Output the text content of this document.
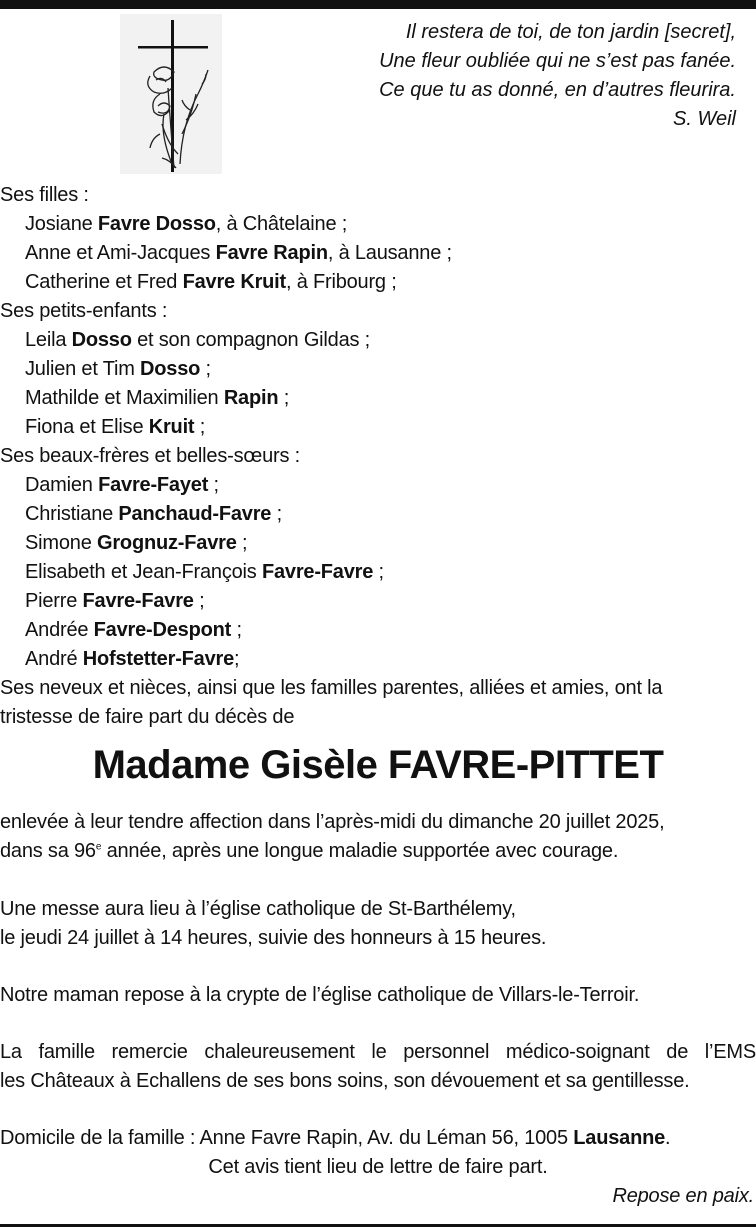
Il restera de toi, de ton jardin [secret],
Une fleur oubliée qui ne s’est pas fanée.
Ce que tu as donné, en d’autres fleurira.
S. Weil
Ses filles :
Josiane Favre Dosso, à Châtelaine ;
Anne et Ami-Jacques Favre Rapin, à Lausanne ;
Catherine et Fred Favre Kruit, à Fribourg ;
Ses petits-enfants :
Leila Dosso et son compagnon Gildas ;
Julien et Tim Dosso ;
Mathilde et Maximilien Rapin ;
Fiona et Elise Kruit ;
Ses beaux-frères et belles-sœurs :
Damien Favre-Fayet ;
Christiane Panchaud-Favre ;
Simone Grognuz-Favre ;
Elisabeth et Jean-François Favre-Favre ;
Pierre Favre-Favre ;
Andrée Favre-Despont ;
André Hofstetter-Favre;
Ses neveux et nièces, ainsi que les familles parentes, alliées et amies, ont la
tristesse de faire part du décès de
Madame Gisèle FAVRE-PITTET
enlevée à leur tendre affection dans l’après-midi du dimanche 20 juillet 2025,
dans sa 96e année, après une longue maladie supportée avec courage.
Une messe aura lieu à l’église catholique de St-Barthélemy,
le jeudi 24 juillet à 14 heures, suivie des honneurs à 15 heures.
Notre maman repose à la crypte de l’église catholique de Villars-le-Terroir.
La famille remercie chaleureusement le personnel médico-soignant de l’EMS
les Châteaux à Echallens de ses bons soins, son dévouement et sa gentillesse.
Domicile de la famille : Anne Favre Rapin, Av. du Léman 56, 1005 Lausanne.
Cet avis tient lieu de lettre de faire part.
Repose en paix.
